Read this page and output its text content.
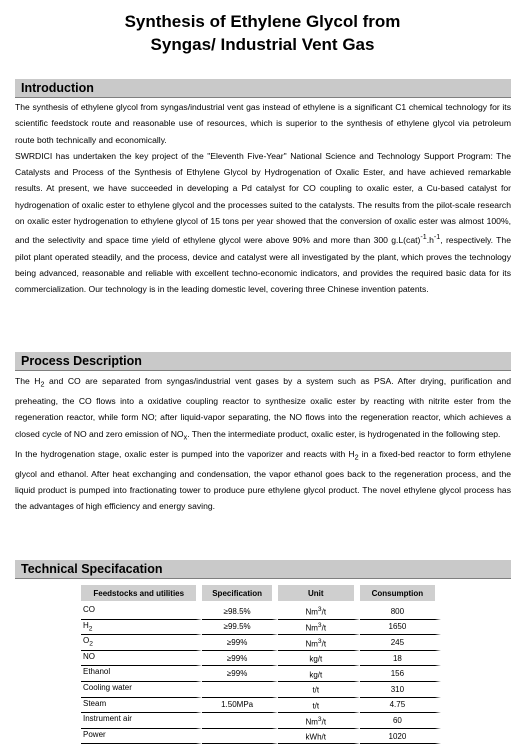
Synthesis of Ethylene Glycol from
Syngas/ Industrial Vent Gas
Introduction

The synthesis of ethylene glycol from syngas/industrial vent gas instead of ethylene is a significant C1 chemical technology for its scientific feedstock route and reasonable use of resources, which is superior to the synthesis of ethylene glycol via petroleum route both technically and economically.

SWRDICI has undertaken the key project of the "Eleventh Five-Year" National Science and Technology Support Program: The Catalysts and Process of the Synthesis of Ethylene Glycol by Hydrogenation of Oxalic Ester, and have achieved remarkable results. At present, we have succeeded in developing a Pd catalyst for CO coupling to oxalic ester, a Cu-based catalyst for hydrogenation of oxalic ester to ethylene glycol and the processes suited to the catalysts. The results from the pilot-scale research on oxalic ester hydrogenation to ethylene glycol of 15 tons per year showed that the conversion of oxalic ester was almost 100%, and the selectivity and space time yield of ethylene glycol were above 90% and more than 300 $g.L(cat)^{-1}.h^{-1}$, respectively. The pilot plant operated steadily, and the process, device and catalyst were all investigated by the plant, which proves the technology being advanced, reasonable and reliable with excellent techno-economic indicators, and provides the required basic data for its commercialization. Our technology is in the leading domestic level, covering three Chinese invention patents.

Process Description

The $H_2$ and CO are separated from syngas/industrial vent gases by a system such as PSA. After drying, purification and preheating, the CO flows into a oxidative coupling reactor to synthesize oxalic ester by reacting with nitrite ester from the regeneration reactor, while form NO; after liquid-vapor separating, the NO flows into the regeneration reactor, which achieves a closed cycle of NO and zero emission of $NO_x$. Then the intermediate product, oxalic ester, is hydrogenated in the following step.

In the hydrogenation stage, oxalic ester is pumped into the vaporizer and reacts with $H_2$ in a fixed-bed reactor to form ethylene glycol and ethanol. After heat exchanging and condensation, the vapor ethanol goes back to the regeneration process, and the liquid product is pumped into fractionating tower to produce pure ethylene glycol product. The novel ethylene glycol process has the advantages of high efficiency and energy saving.

Technical Specifacation
Feedstocks and utilities	Specification	Unit	Consumption

CO	≥98.5%	Nm$^3$/t	800
$H_2$	≥99.5%	Nm$^3$/t	1650
$O_2$	≥99%	Nm$^3$/t	245
NO	≥99%	kg/t	18
Ethanol	≥99%	kg/t	156
Cooling water		t/t	310
Steam	1.50MPa	t/t	4.75
Instrument air		Nm$^3$/t	60
Power		kWh/t	1020
